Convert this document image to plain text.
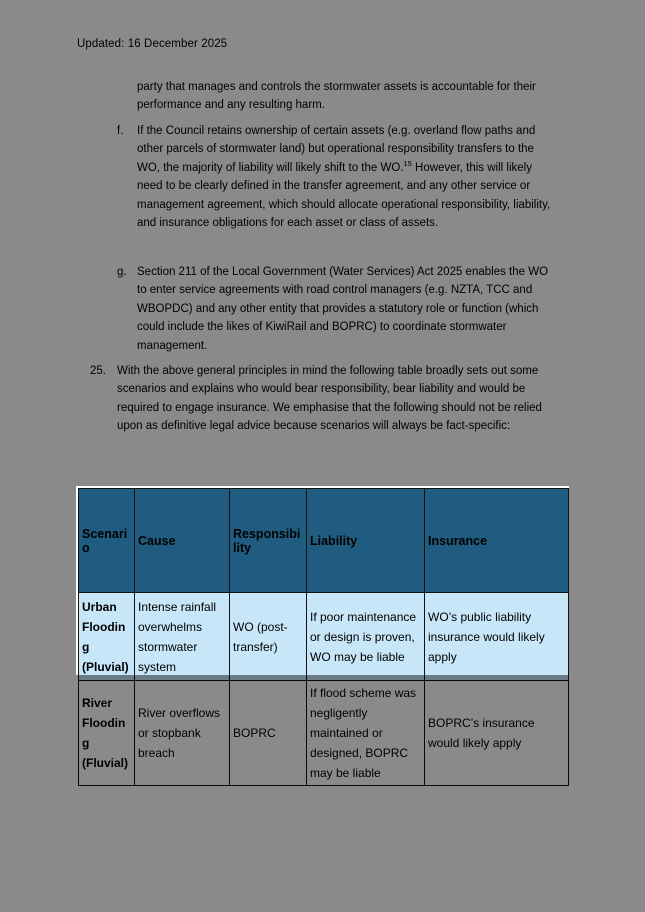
Updated: 16 December 2025
party that manages and controls the stormwater assets is accountable for their performance and any resulting harm.
f.	If the Council retains ownership of certain assets (e.g. overland flow paths and other parcels of stormwater land) but operational responsibility transfers to the WO, the majority of liability will likely shift to the WO.$^{15}$ However, this will likely need to be clearly defined in the transfer agreement, and any other service or management agreement, which should allocate operational responsibility, liability, and insurance obligations for each asset or class of assets.
g. Section 211 of the Local Government (Water Services) Act 2025 enables the WO to enter service agreements with road control managers (e.g. NZTA, TCC and WBOPDC) and any other entity that provides a statutory role or function (which could include the likes of KiwiRail and BOPRC) to coordinate stormwater management.
25. With the above general principles in mind the following table broadly sets out some scenarios and explains who would bear responsibility, bear liability and would be required to engage insurance. We emphasise that the following should not be relied upon as definitive legal advice because scenarios will always be fact-specific:
Scenario	Cause	Responsibility	Liability	Insurance
Urban Flooding (Pluvial)	Intense rainfall overwhelms stormwater system	WO (post-transfer)	If poor maintenance or design is proven, WO may be liable	WO’s public liability insurance would likely apply
River Flooding (Fluvial)	River overflows or stopbank breach	BOPRC	If flood scheme was negligently maintained or designed, BOPRC may be liable	BOPRC’s insurance would likely apply
